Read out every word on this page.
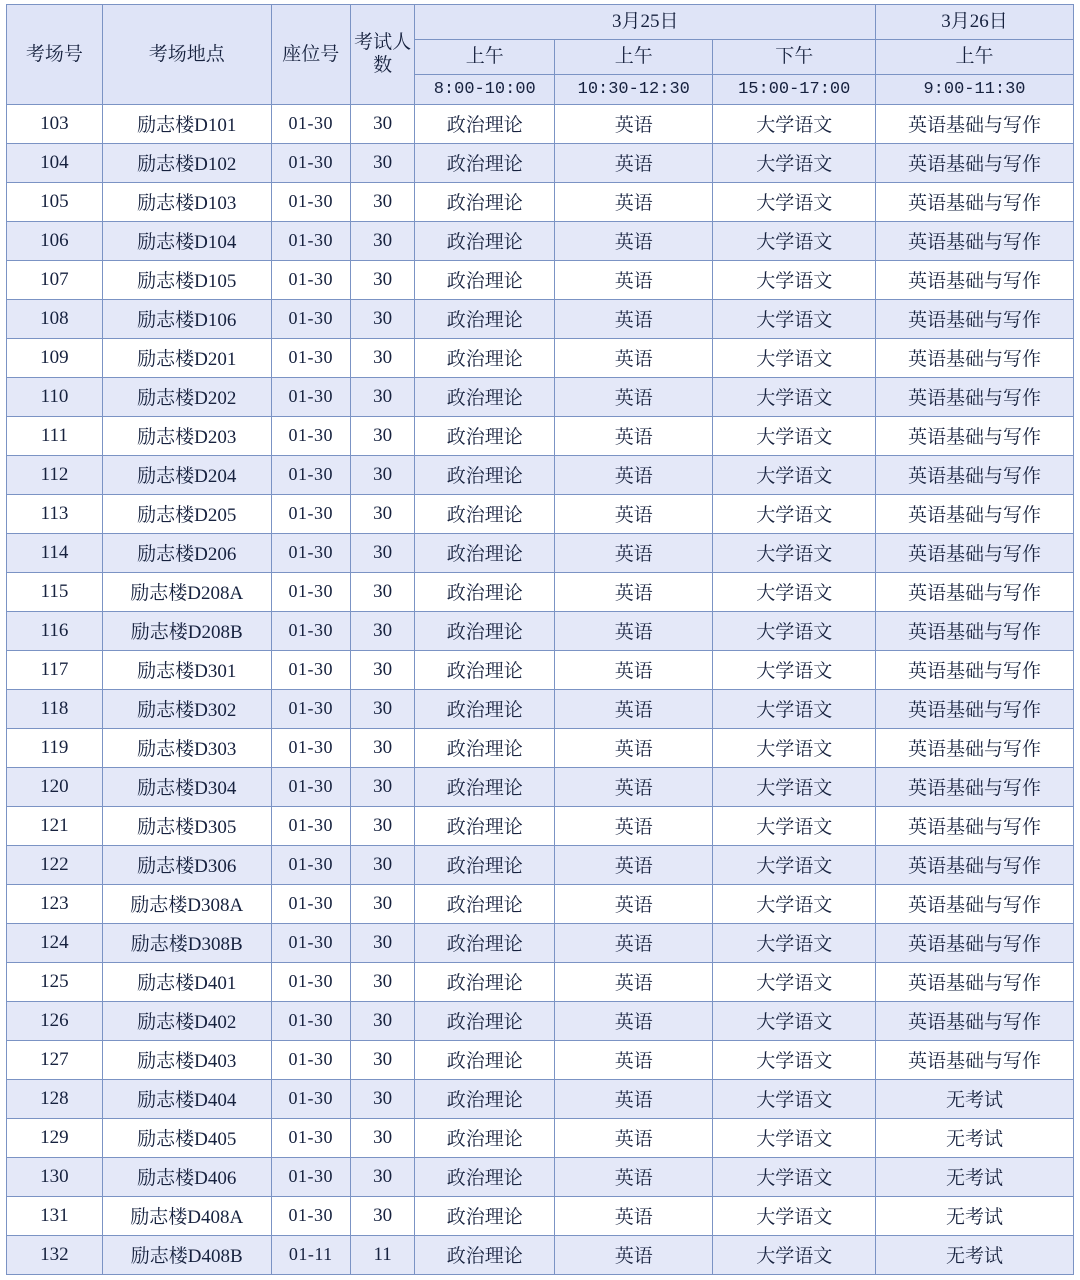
考场号	考场地点	座位号	考试人数	3月25日			3月26日
				上午	上午	下午	上午
				8:00-10:00	10:30-12:30	15:00-17:00	9:00-11:30
103	励志楼D101	01-30	30	政治理论	英语	大学语文	英语基础与写作
104	励志楼D102	01-30	30	政治理论	英语	大学语文	英语基础与写作
105	励志楼D103	01-30	30	政治理论	英语	大学语文	英语基础与写作
106	励志楼D104	01-30	30	政治理论	英语	大学语文	英语基础与写作
107	励志楼D105	01-30	30	政治理论	英语	大学语文	英语基础与写作
108	励志楼D106	01-30	30	政治理论	英语	大学语文	英语基础与写作
109	励志楼D201	01-30	30	政治理论	英语	大学语文	英语基础与写作
110	励志楼D202	01-30	30	政治理论	英语	大学语文	英语基础与写作
111	励志楼D203	01-30	30	政治理论	英语	大学语文	英语基础与写作
112	励志楼D204	01-30	30	政治理论	英语	大学语文	英语基础与写作
113	励志楼D205	01-30	30	政治理论	英语	大学语文	英语基础与写作
114	励志楼D206	01-30	30	政治理论	英语	大学语文	英语基础与写作
115	励志楼D208A	01-30	30	政治理论	英语	大学语文	英语基础与写作
116	励志楼D208B	01-30	30	政治理论	英语	大学语文	英语基础与写作
117	励志楼D301	01-30	30	政治理论	英语	大学语文	英语基础与写作
118	励志楼D302	01-30	30	政治理论	英语	大学语文	英语基础与写作
119	励志楼D303	01-30	30	政治理论	英语	大学语文	英语基础与写作
120	励志楼D304	01-30	30	政治理论	英语	大学语文	英语基础与写作
121	励志楼D305	01-30	30	政治理论	英语	大学语文	英语基础与写作
122	励志楼D306	01-30	30	政治理论	英语	大学语文	英语基础与写作
123	励志楼D308A	01-30	30	政治理论	英语	大学语文	英语基础与写作
124	励志楼D308B	01-30	30	政治理论	英语	大学语文	英语基础与写作
125	励志楼D401	01-30	30	政治理论	英语	大学语文	英语基础与写作
126	励志楼D402	01-30	30	政治理论	英语	大学语文	英语基础与写作
127	励志楼D403	01-30	30	政治理论	英语	大学语文	英语基础与写作
128	励志楼D404	01-30	30	政治理论	英语	大学语文	无考试
129	励志楼D405	01-30	30	政治理论	英语	大学语文	无考试
130	励志楼D406	01-30	30	政治理论	英语	大学语文	无考试
131	励志楼D408A	01-30	30	政治理论	英语	大学语文	无考试
132	励志楼D408B	01-11	11	政治理论	英语	大学语文	无考试
